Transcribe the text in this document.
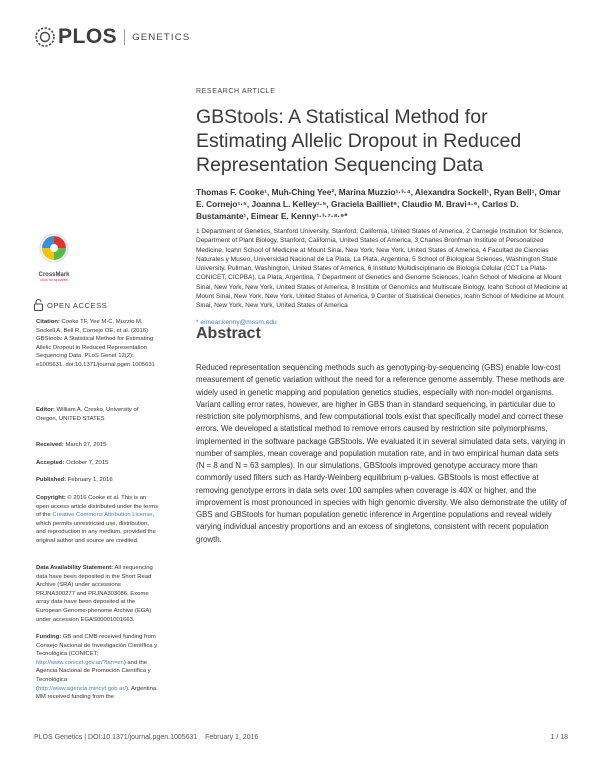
PLOS GENETICS
CrossMark
click for updates
OPEN ACCESS
Citation: Cooke TF, Yee M-C, Muzzio M, Sockell A, Bell R, Cornejo OE, et al. (2016) GBStools: A Statistical Method for Estimating Allelic Dropout in Reduced Representation Sequencing Data. PLoS Genet 12(2): e1005631. doi:10.1371/journal.pgen.1005631
Editor: William A. Cresko, University of Oregon, UNITED STATES
Received: March 27, 2015
Accepted: October 7, 2015
Published: February 1, 2016
Copyright: © 2016 Cooke et al. This is an open access article distributed under the terms of the Creative Commons Attribution License, which permits unrestricted use, distribution, and reproduction in any medium, provided the original author and source are credited.
Data Availability Statement: All sequencing data have been deposited in the Short Read Archive (SRA) under accessions PRJNA300277 and PRJNA303086. Exome array data have been deposited at the European Genome-phenome Archive (EGA) under accession EGAS00001001663.
Funding: GB and CMB received funding from Consejo Nacional de Investigación Científica y Tecnológica (CONICET; http://www.conicet.gov.ar/?lan=en) and the Agencia Nacional de Promoción Científica y Tecnológica (http://www.agencia.mincyt.gob.ar/). Argentina. MM received funding from the
RESEARCH ARTICLE
GBStools: A Statistical Method for Estimating Allelic Dropout in Reduced Representation Sequencing Data
Thomas F. Cooke¹, Muh-Ching Yee², Marina Muzzio¹·³·⁴, Alexandra Sockell¹, Ryan Bell¹, Omar E. Cornejo¹·⁵, Joanna L. Kelley¹·⁵, Graciela Bailliet⁶, Claudio M. Bravi⁴·⁶, Carlos D. Bustamante¹, Eimear E. Kenny¹·³·⁷·⁸·⁹*
1 Department of Genetics, Stanford University, Stanford, California, United States of America, 2 Carnegie Institution for Science, Department of Plant Biology, Stanford, California, United States of America, 3 Charles Bronfman Institute of Personalized Medicine, Icahn School of Medicine at Mount Sinai, New York, New York, United States of America, 4 Facultad de Ciencias Naturales y Museo, Universidad Nacional de La Plata, La Plata, Argentina, 5 School of Biological Sciences, Washington State University, Pullman, Washington, United States of America, 6 Instituto Multidisciplinario de Biología Celular (CCT La Plata-CONICET, CICPBA), La Plata, Argentina, 7 Department of Genetics and Genome Sciences, Icahn School of Medicine at Mount Sinai, New York, New York, United States of America, 8 Institute of Genomics and Multiscale Biology, Icahn School of Medicine at Mount Sinai, New York, New York, United States of America, 9 Center of Statistical Genetics, Icahn School of Medicine at Mount Sinai, New York, New York, United States of America
* eimear.kenny@mssm.edu
Abstract

Reduced representation sequencing methods such as genotyping-by-sequencing (GBS) enable low-cost measurement of genetic variation without the need for a reference genome assembly. These methods are widely used in genetic mapping and population genetics studies, especially with non-model organisms. Variant calling error rates, however, are higher in GBS than in standard sequencing, in particular due to restriction site polymorphisms, and few computational tools exist that specifically model and correct these errors. We developed a statistical method to remove errors caused by restriction site polymorphisms, implemented in the software package GBStools. We evaluated it in several simulated data sets, varying in number of samples, mean coverage and population mutation rate, and in two empirical human data sets (N = 8 and N = 63 samples). In our simulations, GBStools improved genotype accuracy more than commonly used filters such as Hardy-Weinberg equilibrium p-values. GBStools is most effective at removing genotype errors in data sets over 100 samples when coverage is 40X or higher, and the improvement is most pronounced in species with high genomic diversity. We also demonstrate the utility of GBS and GBStools for human population genetic inference in Argentine populations and reveal widely varying individual ancestry proportions and an excess of singletons, consistent with recent population growth.

PLOS Genetics | DOI:10.1371/journal.pgen.1005631    February 1, 2016	1 / 18
